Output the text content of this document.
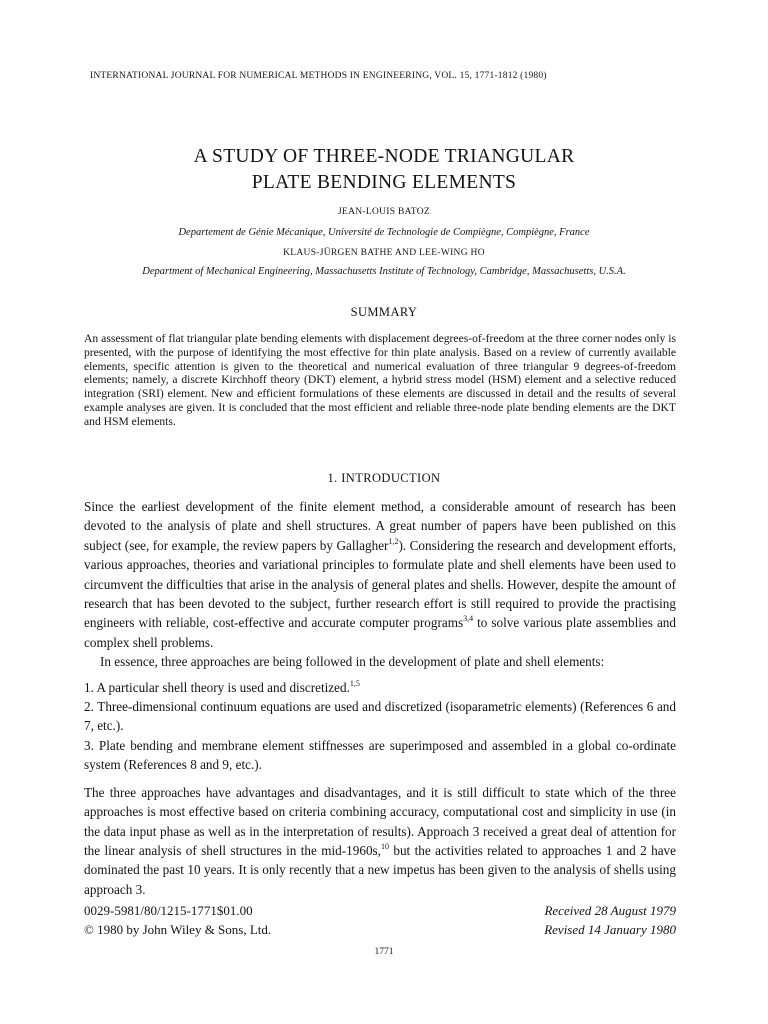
INTERNATIONAL JOURNAL FOR NUMERICAL METHODS IN ENGINEERING, VOL. 15, 1771-1812 (1980)
A STUDY OF THREE-NODE TRIANGULAR
PLATE BENDING ELEMENTS
JEAN-LOUIS BATOZ
Departement de Génie Mécanique, Université de Technologie de Compiègne, Compiègne, France
KLAUS-JÜRGEN BATHE AND LEE-WING HO
Department of Mechanical Engineering, Massachusetts Institute of Technology, Cambridge, Massachusetts, U.S.A.
SUMMARY
An assessment of flat triangular plate bending elements with displacement degrees-of-freedom at the three corner nodes only is presented, with the purpose of identifying the most effective for thin plate analysis. Based on a review of currently available elements, specific attention is given to the theoretical and numerical evaluation of three triangular 9 degrees-of-freedom elements; namely, a discrete Kirchhoff theory (DKT) element, a hybrid stress model (HSM) element and a selective reduced integration (SRI) element. New and efficient formulations of these elements are discussed in detail and the results of several example analyses are given. It is concluded that the most efficient and reliable three-node plate bending elements are the DKT and HSM elements.
1. INTRODUCTION

Since the earliest development of the finite element method, a considerable amount of research has been devoted to the analysis of plate and shell structures. A great number of papers have been published on this subject (see, for example, the review papers by Gallagher$^{1,2}$). Considering the research and development efforts, various approaches, theories and variational principles to formulate plate and shell elements have been used to circumvent the difficulties that arise in the analysis of general plates and shells. However, despite the amount of research that has been devoted to the subject, further research effort is still required to provide the practising engineers with reliable, cost-effective and accurate computer programs$^{3,4}$ to solve various plate assemblies and complex shell problems.

In essence, three approaches are being followed in the development of plate and shell elements:

1. A particular shell theory is used and discretized.$^{1,5}$

2. Three-dimensional continuum equations are used and discretized (isoparametric elements) (References 6 and 7, etc.).

3. Plate bending and membrane element stiffnesses are superimposed and assembled in a global co-ordinate system (References 8 and 9, etc.).

The three approaches have advantages and disadvantages, and it is still difficult to state which of the three approaches is most effective based on criteria combining accuracy, computational cost and simplicity in use (in the data input phase as well as in the interpretation of results). Approach 3 received a great deal of attention for the linear analysis of shell structures in the mid-1960s,$^{10}$ but the activities related to approaches 1 and 2 have dominated the past 10 years. It is only recently that a new impetus has been given to the analysis of shells using approach 3.

0029-5981/80/1215-1771$01.00
© 1980 by John Wiley & Sons, Ltd.
Received 28 August 1979
Revised 14 January 1980
1771
